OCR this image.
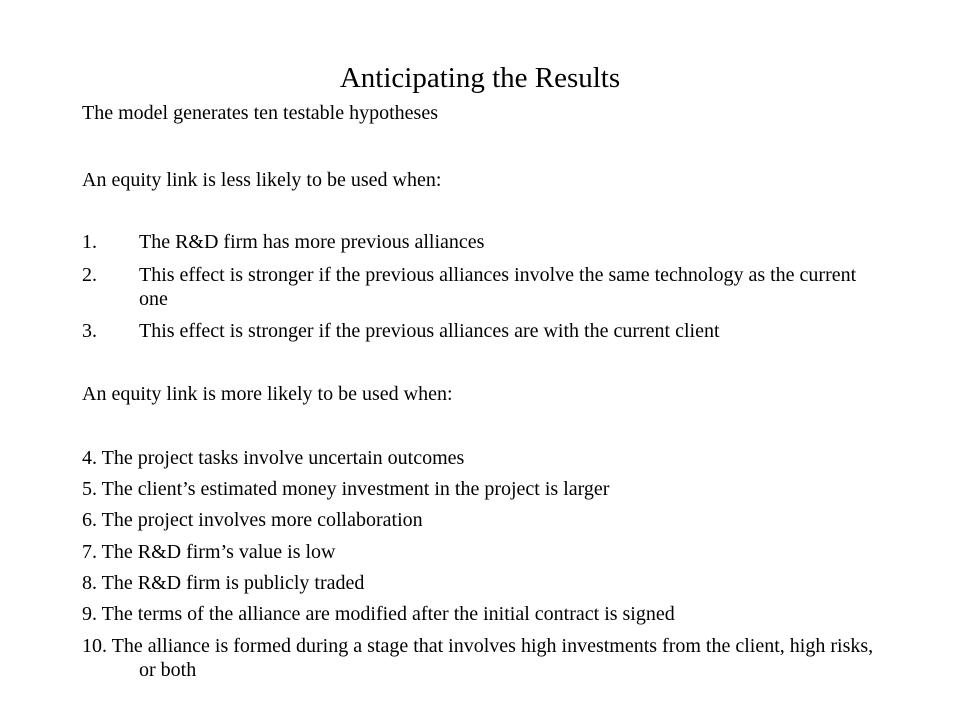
Anticipating the Results
The model generates ten testable hypotheses
An equity link is less likely to be used when:
1. The R&D firm has more previous alliances
2. This effect is stronger if the previous alliances involve the same technology as the current one
3. This effect is stronger if the previous alliances are with the current client
An equity link is more likely to be used when:
4. The project tasks involve uncertain outcomes
5. The client’s estimated money investment in the project is larger
6. The project involves more collaboration
7. The R&D firm’s value is low
8. The R&D firm is publicly traded
9. The terms of the alliance are modified after the initial contract is signed
10. The alliance is formed during a stage that involves high investments from the client, high risks, or both
